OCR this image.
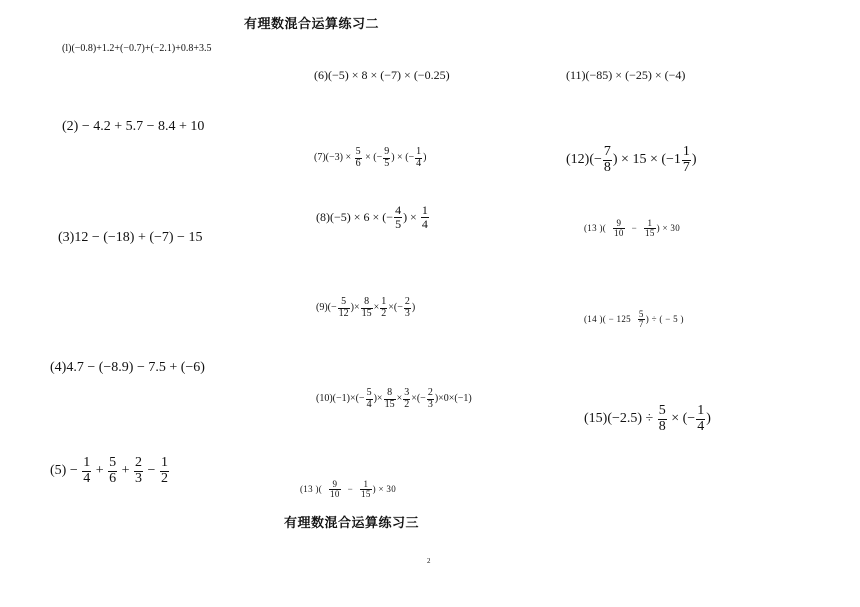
有理数混合运算练习二
有理数混合运算练习三
(l)(−0.8)+1.2+(−0.7)+(−2.1)+0.8+3.5
(2) − 4.2 + 5.7 − 8.4 + 10
(3)12 − (−18) + (−7) − 15
(4)4.7 − (−8.9) − 7.5 + (−6)
(5) −
$\frac{1}{4}$
+
$\frac{5}{6}$
+
$\frac{2}{3}$
−
$\frac{1}{2}$
(13 )( $\frac{9}{10} - \frac{1}{15}$ ) × 30
(6)(−5) × 8 × (−7) × (−0.25)
(7)(−3) ×
$\frac{5}{6}$
× (− $\frac{9}{5}$ ) × (− $\frac{1}{4}$ )
(8)(−5) × 6 × (− $\frac{4}{5}$ ) ×
$\frac{1}{4}$
$(9)(- \frac{5}{12}$ )× $\frac{8}{15} \times \frac{1}{2}$ ×(− $\frac{2}{3}$ )
$(10)(-1)\times(- \frac{5}{4}$ )× $\frac{8}{15} \times \frac{3}{2}$ ×(− $\frac{2}{3} )\times 0\times(-1)$
(11)(−85) × (−25) × (−4)
$(12)(- \frac{7}{8}$ ) × $15 \times (-1 \frac{1}{7}$ )
(13 )( $\frac{9}{10} - \frac{1}{15}$ ) × 30
(14 )( − $125 \frac{5}{7}$ ) ÷ ( − 5 )
(15)(−2.5) ÷
$\frac{5}{8}$
× (− $\frac{1}{4}$ )
2
